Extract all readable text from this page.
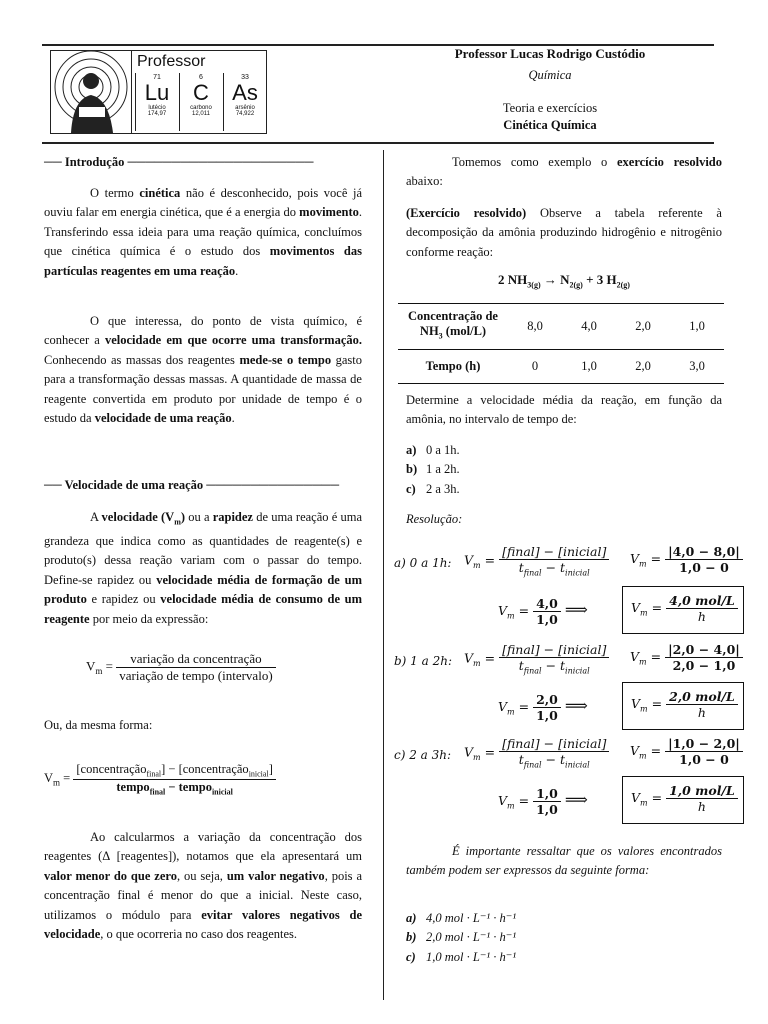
Professor
71
Lu
lutécio
174,97
6
C
carbono
12,011
33
As
arsênio
74,922
Professor Lucas Rodrigo Custódio
Química
Teoria e exercícios
Cinética Química
── Introdução ─────────────────────
O termo cinética não é desconhecido, pois você já ouviu falar em energia cinética, que é a energia do movimento. Transferindo essa ideia para uma reação química, concluímos que cinética química é o estudo dos movimentos das partículas reagentes em uma reação.
O que interessa, do ponto de vista químico, é conhecer a velocidade em que ocorre uma transformação. Conhecendo as massas dos reagentes mede-se o tempo gasto para a transformação dessas massas. A quantidade de massa de reagente convertida em produto por unidade de tempo é o estudo da velocidade de uma reação.
── Velocidade de uma reação ───────────────
A velocidade $(V_m)$ ou a rapidez de uma reação é uma grandeza que indica como as quantidades de reagente(s) e produto(s) dessa reação variam com o passar do tempo. Define-se rapidez ou velocidade média de formação de um produto e rapidez ou velocidade média de consumo de um reagente por meio da expressão:
$V_m = \frac{\text{variação da concentração}}{\text{variação de tempo (intervalo)}}$
Ou, da mesma forma:
$V_m = \frac{[concentração_{final}] - [concentração_{inicial}]}{tempo_{final} - tempo_{inicial}}$
Ao calcularmos a variação da concentração dos reagentes (Δ [reagentes]), notamos que ela apresentará um valor menor do que zero, ou seja, um valor negativo, pois a concentração final é menor do que a inicial. Neste caso, utilizamos o módulo para evitar valores negativos de velocidade, o que ocorreria no caso dos reagentes.
Tomemos como exemplo o exercício resolvido abaixo:
(Exercício resolvido) Observe a tabela referente à decomposição da amônia produzindo hidrogênio e nitrogênio conforme reação:
2 $NH_{3(g)} \to N_{2(g)} + 3$ $H_{2(g)}$
Concentração de
$NH_3$ (mol/L)	8,0	4,0	2,0	1,0
Tempo (h)	0	1,0	2,0	3,0
Determine a velocidade média da reação, em função da amônia, no intervalo de tempo de:
a) 0 a 1h.
b) 1 a 2h.
c) 2 a 3h.
Resolução:
a) 0 a 1h:	$V_m = \frac{\text{[final] − [inicial]}}{t_{final} - t_{inicial}} V_m = \frac{|4,0 - 8,0|}{1,0 - 0}$
$V_m = \frac{4,0}{1,0}$ ⟹	$V_m = \frac{\text{4,0 mol/L}}{h}$
b) 1 a 2h: $V_m = \frac{\text{[final] − [inicial]}}{t_{final} - t_{inicial}} V_m = \frac{|2,0 - 4,0|}{2,0 - 1,0}$
$V_m = \frac{2,0}{1,0}$ ⟹	$V_m = \frac{\text{2,0 mol/L}}{h}$
c) 2 a 3h:	$V_m = \frac{\text{[final] − [inicial]}}{t_{final} - t_{inicial}} V_m = \frac{|1,0 - 2,0|}{1,0 - 0}$
$V_m = \frac{1,0}{1,0}$ ⟹	$V_m = \frac{\text{1,0 mol/L}}{h}$
É importante ressaltar que os valores encontrados também podem ser expressos da seguinte forma:
a) 4,0 mol · L⁻¹ · h⁻¹
b) 2,0 mol · L⁻¹ · h⁻¹
c) 1,0 mol · L⁻¹ · h⁻¹
